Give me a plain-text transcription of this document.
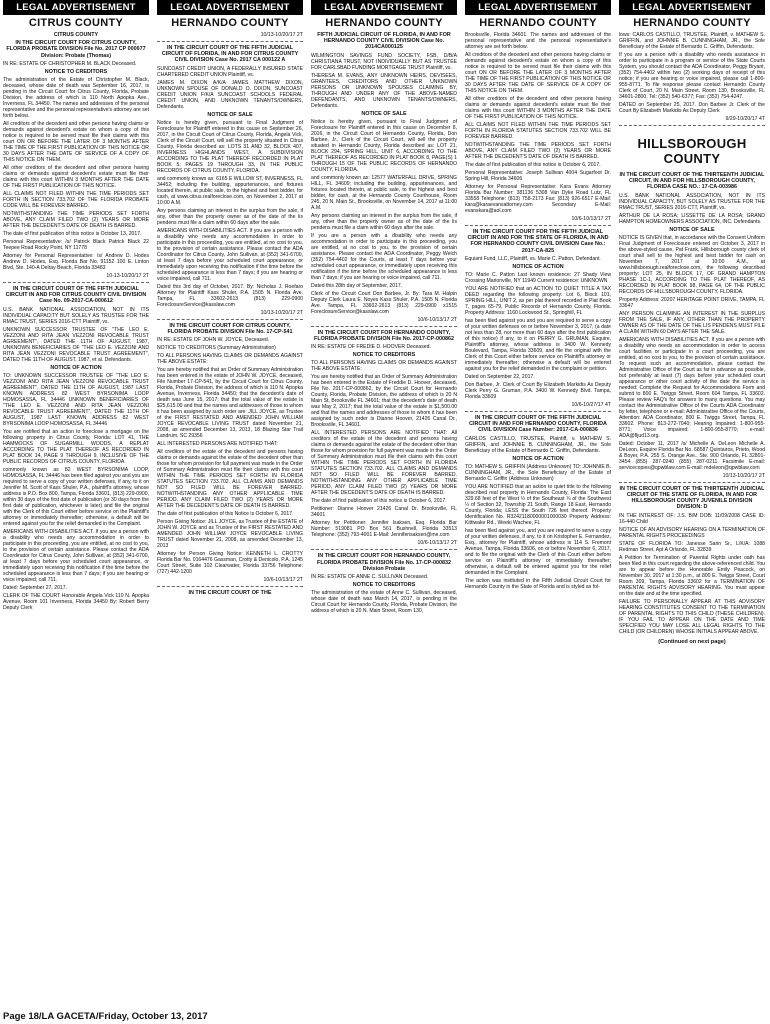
LEGAL ADVERTISEMENT
CITRUS COUNTY
CITRUS COUNTY
IN THE CIRCUIT COURT FOR CITRUS COUNTY, FLORIDA PROBATE DIVISION File No. 2017 CP 000677 Division: Probate (Thomas)
IN RE: ESTATE OF CHRISTOPHER M. BLACK Deceased.
NOTICE TO CREDITORS
The administration of the Estate of Christopher M. Black, deceased, whose date of death was September 16, 2017, is pending in the Circuit Court for Citrus County, Florida, Probate Division, the address of which is 110 North Apopka Ave., Inverness, FL 34450. The names and addresses of the personal representative and the personal representative's attorney are set forth below.
All creditors of the decedent and other persons having claims or demands against decedent's estate on whom a copy of this notice is required to be served must file their claims with this court ON OR BEFORE THE LATER OF 3 MONTHS AFTER THE TIME OF THE FIRST PUBLICATION OF THIS NOTICE OR 30 DAYS AFTER THE DATE OF SERVICE OF A COPY OF THIS NOTICE ON THEM.
All other creditors of the decedent and other persons having claims or demands against decedent's estate must file their claims with this court WITHIN 3 MONTHS AFTER THE DATE OF THE FIRST PUBLICATION OF THIS NOTICE.
ALL CLAIMS NOT FILED WITHIN THE TIME PERIODS SET FORTH IN SECTION 733.702 OF THE FLORIDA PROBATE CODE WILL BE FOREVER BARRED.
NOTWITHSTANDING THE TIME PERIODS SET FORTH ABOVE, ANY CLAIM FILED TWO (2) YEARS OR MORE AFTER THE DECEDENT'S DATE OF DEATH IS BARRED.
The date of first publication of this notice is October 13, 2017.
Personal Representative: /s/ Patrick Black Patrick Black 22 Teepee Road Rocky Point, NY 11778
Attorney for Personal Representative: /s/ Andrew D. Hodes Andrew D. Hodes, Esq. Florida Bar No. 91152 100 E. Linton Blvd, Ste. 140-A Delray Beach, Florida 33483
10-13-10/20/17 2T
IN THE CIRCUIT COURT OF THE FIFTH JUDICIAL CIRCUIT IN AND FOR CITRUS COUNTY CIVIL DIVISION Case No. 09-2017-CA-000612
U.S. BANK NATIONAL ASSOCIATION, NOT IN ITS INDIVIDUAL CAPACITY BUT SOLELY AS TRUSTEE FOR THE RMAC TRUST, SERIES 2016-CTT Plaintiff, vs.
UNKNOWN SUCCESSOR TRUSTEE OF "THE LEO E. VEZZONI AND RITA JEAN VEZZONI REVOCABLE TRUST AGREEMENT", DATED THE 11TH OF AUGUST, 1987, UNKNOWN BENEFICIARIES OF "THE LEO E. VEZZONI AND RITA JEAN VEZZONI REVOCABLE TRUST AGREEMENT", DATED THE 11TH OF AUGUST, 1987, et al. Defendants.
NOTICE OF ACTION
TO: UNKNOWN SUCCESSOR TRUSTEE OF "THE LEO E. VEZZONI AND RITA JEAN VEZZONI REVOCABLE TRUST AGREEMENT", DATED THE 11TH OF AUGUST, 1987 LAST KNOWN ADDRESS 82 WEST BYRSONIMA LOOP HOMOSASSA, FL 34446 UNKNOWN BENEFICIARIES OF "THE LEO E. VEZZONI AND RITA JEAN VEZZONI REVOCABLE TRUST AGREEMENT", DATED THE 11TH OF AUGUST, 1987 LAST KNOWN ADDRESS 82 WEST BYRSONIMA LOOP HOMOSASSA, FL 34446
You are notified that an action to foreclose a mortgage on the following property in Citrus County, Florida: LOT 41, THE HAMMOCKS OF SUGARMILL WOODS, A REPLAT ACCORDING TO THE PLAT THEREOF AS RECORDED IN PLAT BOOK 14, PAGE 9 THROUGH 9, INCLUSIVE OF THE PUBLIC RECORDS OF CITRUS COUNTY, FLORIDA.
commonly known as 82 WEST BYRSONIMA LOOP, HOMOSASSA, FL 34446 has been filed against you and you are required to serve a copy of your written defenses, if any, to it on Jennifer M. Scott of Kass Shuler, P.A., plaintiff's attorney, whose address is P.O. Box 800, Tampa, Florida 33601, (813) 229-0900, within 30 days of the first date of publication (or 30 days from the first date of publication, whichever is later) and file the original with the Clerk of this Court either before service on the Plaintiff's attorney or immediately thereafter; otherwise, a default will be entered against you for the relief demanded in the Complaint.
AMERICANS WITH DISABILITIES ACT. If you are a person with a disability who needs any accommodation in order to participate in this proceeding, you are entitled, at no cost to you, to the provision of certain assistance. Please contact the ADA Coordinator for Citrus County, John Sullivan, at (352) 341-6700, at least 7 days before your scheduled court appearance, or immediately upon receiving this notification if the time before the scheduled appearance is less than 7 days; if you are hearing or voice impaired, call 711.
Dated: September 27, 2017.
CLERK OF THE COURT Honorable Angela Vick 110 N. Apopka Avenue, Room 101 Inverness, Florida 34450 By: Robert Berry Deputy Clerk
LEGAL ADVERTISEMENT
HERNANDO COUNTY
10/13-10/20/17 2T
IN THE CIRCUIT COURT OF THE FIFTH JUDICIAL CIRCUIT OF FLORIDA, IN AND FOR CITRUS COUNTY CIVIL DIVISION Case No. 2017 CA 000122 A
SUNCOAST CREDIT UNION, A FEDERALLY INSURED STATE CHARTERED CREDIT UNION Plaintiff, vs.
JAMES M. DIXON A/K/A JAMES MATTHEW DIXON, UNKNOWN SPOUSE OF DONALD O. DIXON, SUNCOAST CREDIT UNION F/K/A SUNCOAST SCHOOLS FEDERAL CREDIT UNION, AND UNKNOWN TENANTS/OWNERS, Defendants.
NOTICE OF SALE
Notice is hereby given, pursuant to Final Judgment of Foreclosure for Plaintiff entered in this cause on September 26, 2017, in the Circuit Court of Citrus County, Florida, Angela Vick, Clerk of the Circuit Court, will sell the property situated in Citrus County, Florida described as: LOTS 31 AND 32, BLOCK 407, INVERNESS HIGHLANDS WEST, A SUBDIVISION ACCORDING TO THE PLAT THEREOF RECORDED IN PLAT BOOK 5, PAGES 19 THROUGH 33, IN THE PUBLIC RECORDS OF CITRUS COUNTY, FLORIDA.
and commonly known as: 6165 E WILLOW ST, INVERNESS, FL 34452; including the building, appurtenances, and fixtures located therein, at public sale, to the highest and best bidder, for cash, at www.citrus.realforeclose.com, on November 2, 2017 at 10:00 A.M.
Any persons claiming an interest in the surplus from the sale, if any, other than the property owner as of the date of the lis pendens must file a claim within 60 days after the sale.
AMERICANS WITH DISABILITIES ACT. If you are a person with a disability who needs any accommodation in order to participate in this proceeding, you are entitled, at no cost to you, to the provision of certain assistance. Please contact the ADA Coordinator for Citrus County, John Sullivan, at (352) 341-6700, at least 7 days before your scheduled court appearance, or immediately upon receiving this notification if the time before the scheduled appearance is less than 7 days; if you are hearing or voice impaired, call 711.
Dated this 3rd day of October, 2017. By: Nicholas J. Roefaro Attorney for Plaintiff Kass Shuler, P.A. 1505 N. Florida Ave. Tampa, FL 33602-2613 (813) 229-0900 ForeclosureService@kasslaw.com
10/13-10/20/17 2T
IN THE CIRCUIT COURT FOR CITRUS COUNTY, FLORIDA PROBATE DIVISION File No. 17-CP-541
IN RE: ESTATE OF JOHN W. JOYCE, Deceased.
NOTICE TO CREDITORS (Summary Administration)
TO ALL PERSONS HAVING CLAIMS OR DEMANDS AGAINST THE ABOVE ESTATE:
You are hereby notified that an Order of Summary Administration has been entered in the estate of JOHN W. JOYCE, deceased, File Number 17-CP-541, by the Circuit Court for Citrus County, Florida, Probate Division, the address of which is 110 N. Apopka Avenue, Inverness, Florida 34450; that the decedent's date of death was June 15, 2017; that the total value of the estate is $25,615.00 and that the names and addresses of those to whom it has been assigned by such order are: JILL JOYCE, as Trustee of the FIRST RESTATED AND AMENDED JOHN WILLIAM JOYCE REVOCABLE LIVING TRUST dated November 21, 2008, as amended December 13, 2013, 18 Blazing Star Trail Landrum, SC 29356
ALL INTERESTED PERSONS ARE NOTIFIED THAT:
All creditors of the estate of the decedent and persons having claims or demands against the estate of the decedent other than those for whom provision for full payment was made in the Order of Summary Administration must file their claims with this court WITHIN THE TIME PERIODS SET FORTH IN FLORIDA STATUTES SECTION 733.702. ALL CLAIMS AND DEMANDS NOT SO FILED WILL BE FOREVER BARRED. NOTWITHSTANDING ANY OTHER APPLICABLE TIME PERIOD, ANY CLAIM FILED TWO (2) YEARS OR MORE AFTER THE DECEDENT'S DATE OF DEATH IS BARRED.
The date of first publication of this Notice is October 6, 2017.
Person Giving Notice: JILL JOYCE, as Trustee of the ESTATE of JOHN W. JOYCE and as Trustee of the FIRST RESTATED AND AMENDED JOHN WILLIAM JOYCE REVOCABLE LIVING TRUST dated November 21, 2008, as amended December 13, 2013
Attorney for Person Giving Notice: KENNETH L. CROTTY Florida Bar No. 0164476 Gassman, Crotty & Denicolo, P.A. 1245 Court Street, Suite 102 Clearwater, Florida 33756 Telephone: (727) 442-1200
10/6-10/13/17 2T
IN THE CIRCUIT COURT OF THE
LEGAL ADVERTISEMENT
HERNANDO COUNTY
FIFTH JUDICIAL CIRCUIT OF FLORIDA, IN AND FOR HERNANDO COUNTY CIVIL DIVISION Case No. 2014CA000125
WILMINGTON SAVINGS FUND SOCIETY, FSB, D/B/A CHRISTIANA TRUST, NOT INDIVIDUALLY BUT AS TRUSTEE FOR CARLSBAD FUNDING MORTGAGE TRUST Plaintiff, vs.
THERESA M. EVANS, ANY UNKNOWN HEIRS, DEVISEES, GRANTEES, CREDITORS AND OTHER UNKNOWN PERSONS OR UNKNOWN SPOUSES CLAIMING BY, THROUGH AND UNDER ANY OF THE ABOVE-NAMED DEFENDANTS, AND UNKNOWN TENANTS/OWNERS, Defendants.
NOTICE OF SALE
Notice is hereby given, pursuant to Final Judgment of Foreclosure for Plaintiff entered in this cause on December 8, 2016, in the Circuit Court of Hernando County, Florida, Don Barbee, Jr., Clerk of the Circuit Court, will sell the property situated in Hernando County, Florida described as: LOT 21, BLOCK 294, SPRING HILL, UNIT 6, ACCORDING TO THE PLAT THEREOF AS RECORDED IN PLAT BOOK 8, PAGE(S) 1 THROUGH 15 OF THE PUBLIC RECORDS OF HERNANDO COUNTY, FLORIDA.
and commonly known as: 12577 WATERFALL DRIVE, SPRING HILL, FL 34609; including the building, appurtenances, and fixtures located therein, at public sale, to the highest and best bidder, for cash, at the Hernando County Courthouse, Room 245, 20 N. Main St., Brooksville, on November 14, 2017 at 11:00 A.M.
Any persons claiming an interest in the surplus from the sale, if any, other than the property owner as of the date of the lis pendens must file a claim within 60 days after the sale.
If you are a person with a disability who needs any accommodation in order to participate in this proceeding, you are entitled, at no cost to you, to the provision of certain assistance. Please contact the ADA Coordinator, Peggy Welch (352) 754-4402 for the Courts, at least 7 days before your scheduled court appearance, or immediately upon receiving this notification if the time before the scheduled appearance is less than 7 days; if you are hearing or voice impaired, call 711.
Dated this 28th day of September, 2017.
Clerk of the Circuit Court Don Barbee, Jr. By: Tara M. Halpin Deputy Clerk Laura E. Noyes Kass Shuler, P.A. 1505 N. Florida Ave. Tampa, FL 33602-2613 (813) 229-0900 x1515 ForeclosureService@kasslaw.com
10/6-10/13/17 2T
IN THE CIRCUIT COURT FOR HERNANDO COUNTY, FLORIDA PROBATE DIVISION File No. 2017-CP-000862
IN RE: ESTATE OF FREDIE D. HOOVER Deceased.
NOTICE TO CREDITORS
TO ALL PERSONS HAVING CLAIMS OR DEMANDS AGAINST THE ABOVE ESTATE:
You are hereby notified that an Order of Summary Administration has been entered in the Estate of Freddie D. Hoover, deceased, File No. 2017-CP-000862, by the Circuit Court for Hernando County, Florida, Probate Division, the address of which is 20 N Main St, Brooksville FL 34601; that the decedent's date of death was May 2, 2017; that the total value of the estate is $1,500.00 and that the names and addresses of those to whom it has been assigned by such order is Dianne Hoover, 21426 Canal Dr., Brooksville, FL 34601.
ALL INTERESTED PERSONS ARE NOTIFIED THAT: All creditors of the estate of the decedent and persons having claims or demands against the estate of the decedent other than those for whom provision for full payment was made in the Order of Summary Administration must file their claims with this court WITHIN THE TIME PERIODS SET FORTH IN FLORIDA STATUTES SECTION 733.702. ALL CLAIMS AND DEMANDS NOT SO FILED WILL BE FOREVER BARRED. NOTWITHSTANDING ANY OTHER APPLICABLE TIME PERIOD, ANY CLAIM FILED TWO (2) YEARS OR MORE AFTER THE DECEDENT'S DATE OF DEATH IS BARRED.
The date of first publication of this notice is October 6, 2017.
Petitioner: Dianne Hoover 21426 Canal Dr. Brooksville, FL 34601
Attorney for Petitioner: Jennifer Isaksen, Esq. Florida Bar Number: 519081 PO Box 561 Bushnell, Florida 33513 Telephone: (352) 793-4001 E-Mail: Jenniferisaksen@me.com
10/6-10/13/17 2T
IN THE CIRCUIT COURT FOR HERNANDO COUNTY, FLORIDA PROBATE DIVISION File No. 17-CP-000832 Division Probate
IN RE: ESTATE OF ANNE C. SULLIVAN Deceased.
NOTICE TO CREDITORS
The administration of the estate of Anne C. Sullivan, deceased, whose date of death was March 14, 2017, is pending in the Circuit Court for Hernando County, Florida, Probate Division, the address of which is 20 N. Main Street, Room 130,
LEGAL ADVERTISEMENT
HERNANDO COUNTY
Brooksville, Florida 34601. The names and addresses of the personal representative and the personal representative's attorney are set forth below.
All creditors of the decedent and other persons having claims or demands against decedent's estate on whom a copy of this notice is required to be served must file their claims with this court ON OR BEFORE THE LATER OF 3 MONTHS AFTER THE TIME OF THE FIRST PUBLICATION OF THIS NOTICE OR 30 DAYS AFTER THE DATE OF SERVICE OF A COPY OF THIS NOTICE ON THEM.
All other creditors of the decedent and other persons having claims or demands against decedent's estate must file their claims with this court WITHIN 3 MONTHS AFTER THE DATE OF THE FIRST PUBLICATION OF THIS NOTICE.
ALL CLAIMS NOT FILED WITHIN THE TIME PERIODS SET FORTH IN FLORIDA STATUTES SECTION 733.702 WILL BE FOREVER BARRED.
NOTWITHSTANDING THE TIME PERIODS SET FORTH ABOVE, ANY CLAIM FILED TWO (2) YEARS OR MORE AFTER THE DECEDENT'S DATE OF DEATH IS BARRED.
The date of first publication of this notice is October 6, 2017.
Personal Representative: Joseph Sullivan 4004 Sugarfoot Dr. Spring Hill, Florida 34606
Attorney for Personal Representative: Kara Evans Attorney Florida Bar Number: 381136 5308 Van Dyke Road Lutz, FL 33558 Telephone: (813) 758-2173 Fax: (813) 926-6517 E-Mail: kara@karaevansattorney.com Secondary E-Mail: evanskara@aol.com
10/6-10/13/17 2T
IN THE CIRCUIT COURT FOR THE FIFTH JUDICIAL CIRCUIT IN AND FOR THE STATE OF FLORIDA, IN AND FOR HERNANDO COUNTY CIVIL DIVISION Case No.: 2017-CA-825
Equiant Fund, LLC, Plaintiff, vs. Marie C. Patton, Defendant.
NOTICE OF ACTION
TO: Marie C. Patton Last known residence: 27 Shady View Crossing Marionville, NY 11949 Current residence: UNKNOWN
YOU ARE NOTIFIED that an ACTION TO QUIET TITLE A TAX DEED regarding the following property: Lot 6, Block 101, SPRING HILL, UNIT 2, as per plat thereof recorded in Plat Book 7, pages 65-79, Public Records of Hernando County, Florida. Property Address: 1160 Lockwood St., Springhill, FL
has been filed against you and you are required to serve a copy of your written defenses on or before November 3, 2017, (a date not less than 28, nor more than 60 days after the first publication of this notice) if any, to it on PERRY G. GRUMAN, Esquire, Plaintiff's attorney, whose address is 3400 W. Kennedy Boulevard, Tampa, Florida 33609, and file the original with the Clerk of this Court either before service on Plaintiff's attorney or immediately thereafter; otherwise a default will be entered against you for the relief demanded in the complaint or petition.
Dated on September 22, 2017.
Don Barbee, Jr. Clerk of Court By Elizabeth Markidis As Deputy Clerk Perry G. Gruman, P.A. 3400 W. Kennedy Blvd. Tampa, Florida 33609
10/6-10/27/17 4T
IN THE CIRCUIT COURT OF THE FIFTH JUDICIAL CIRCUIT IN AND FOR HERNANDO COUNTY, FLORIDA CIVIL DIVISION Case Number: 2017-CA-000836
CARLOS CASTILLO, TRUSTEE, Plaintiff, v. MATHEW S. GRIFFIN, and JOHNNIE B. CUNNINGHAM, JR., the Sole Beneficiary of the Estate of Bernardo C. Griffin, Defendants.
NOTICE OF ACTION
TO: MATHEW S. GRIFFIN (Address Unknown) TO: JOHNNIE B. CUNNINGHAM, JR., the Sole Beneficiary of the Estate of Bernardo C. Griffin (Address Unknown)
YOU ARE NOTIFIED that an action to quiet title to the following described real property in Hernando County, Florida: The East 329.68 feet of the West ½ of the Southeast ¼ of the Southwest ¼ of Section 32, Township 21 South, Range 18 East, Hernando County, Florida; LESS the South 726 feet thereof. Property Identification No. R32421180000001000030 Property Address: Kittiwake Rd., Weeki Wachee, FL
has been filed against you, and you are required to serve a copy of your written defenses, if any, to it on Kristopher E. Fernandez, Esq., attorney for Plaintiff, whose address is 114 S. Fremont Avenue, Tampa, Florida 33606, on or before November 6, 2017, and to file the original with the Clerk of this Court either before service on Plaintiff's attorney or immediately thereafter; otherwise, a default will be entered against you for the relief demanded in the Complaint.
The action was instituted in the Fifth Judicial Circuit Court for Hernando County in the State of Florida and is styled as fol-
LEGAL ADVERTISEMENT
HERNANDO COUNTY
lows: CARLOS CASTILLO, TRUSTEE, Plaintiff, v. MATHEW S. GRIFFIN, and JOHNNIE B. CUNNINGHAM, JR., the Sole Beneficiary of the Estate of Bernardo C. Griffin, Defendants.
If you are a person with a disability who needs assistance in order to participate in a program or service of the State Courts System, you should contact the ADA Coordinator, Peggy Bryant, (352) 754-4402 within two (2) working days of receipt of this notice; if you are hearing or voice impaired, please call 1-800-955-8771. To file response please contact Hernando County Clerk of Court, 20 N. Main Street, Room 130, Brooksville, FL 34601-2800, Tel: (352) 540-6377; Fax: (352) 754-4247.
DATED on September 25, 2017. Don Barbee Jr. Clerk of the Court By Elizabeth Markidis As Deputy Clerk
9/29-10/20/17 4T
HILLSBOROUGH COUNTY
IN THE CIRCUIT COURT OF THE THIRTEENTH JUDICIAL CIRCUIT, IN AND FOR HILLSBOROUGH COUNTY, FLORIDA CASE NO.: 17-CA-003986
U.S. BANK NATIONAL ASSOCIATION, NOT IN ITS INDIVIDUAL CAPACITY, BUT SOLELY AS TRUSTEE FOR THE RMAC TRUST, SERIES 2016-CTT, Plaintiff, vs.
ARTHUR DE LA ROSA; LISSETTE DE LA ROSA; GRAND HAMPTON HOMEOWNERS ASSOCIATION, INC. Defendants.
NOTICE OF SALE
NOTICE IS GIVEN that, in accordance with the Consent Uniform Final Judgment of Foreclosure entered on October 3, 2017 in the above-styled cause, Pat Frank, Hillsborough county clerk of court shall sell to the highest and best bidder for cash on November 7, 2017 at 10:00 A.M., at www.hillsborough.realforeclose.com, the following described property: LOT 25, IN BLOCK 17, OF GRAND HAMPTON PHASE 1C-1, ACCORDING TO THE PLAT THEREOF, AS RECORDED IN PLAT BOOK 98, PAGE 64, OF THE PUBLIC RECORDS OF HILLSBOROUGH COUNTY, FLORIDA.
Property Address: 20207 HERITAGE POINT DRIVE, TAMPA, FL 33647
ANY PERSON CLAIMING AN INTEREST IN THE SURPLUS FROM THE SALE, IF ANY, OTHER THAN THE PROPERTY OWNER AS OF THE DATE OF THE LIS PENDENS MUST FILE A CLAIM WITHIN 60 DAYS AFTER THE SALE.
AMERICANS WITH DISABILITIES ACT. If you are a person with a disability who needs an accommodation in order to access court facilities or participate in a court proceeding, you are entitled, at no cost to you, to the provision of certain assistance. To request such an accommodation, please contact the Administrative Office of the Court as far in advance as possible, but preferably at least (7) days before your scheduled court appearance or other court activity of the date the service is needed: Complete the Request for Accommodations Form and submit to 800 E. Twiggs Street, Room 604 Tampa, FL 33602. Please review FAQ's for answers to many questions. You may contact the Administrative Office of the Courts ADA Coordinator by letter, telephone or e-mail: Administrative Office of the Courts, Attention: ADA Coordinator, 800 E. Twiggs Street, Tampa, FL 33602. Phone: 813-272-7040; Hearing Impaired: 1-800-955-8771; Voice impaired: 1-800-955-8770; e-mail: ADA@fljud13.org.
Dated: October 11, 2017 /s/ Michelle A. DeLeon Michelle A. DeLeon, Esquire Florida Bar No. 68587 Quintairos, Prieto, Wood & Boyer, P.A. 255 S. Orange Ave., Ste. 900 Orlando, FL 32801-3454 (855) 287-0240 (855) 287-0211 Facsimile E-mail: servicecopies@qpwblaw.com E-mail: mdeleon@qpwblaw.com
10/13-10/20/17 2T
IN THE CIRCUIT COURT OF THE THIRTEENTH JUDICIAL CIRCUIT OF THE STATE OF FLORIDA, IN AND FOR HILLSBOROUGH COUNTY JUVENILE DIVISION DIVISION: D
IN THE INTEREST OF: J.S. B/M DOB: 11/09/2008 CASE ID: 16-440 Child
NOTICE OF AN ADVISORY HEARING ON A TERMINATION OF PARENTAL RIGHTS PROCEEDINGS
STATE OF FLORIDA TO: Janesse Sarin Sr., L/K/A: 1088 Redman Street, Apt A Orlando, FL 32839
A Petition for Termination of Parental Rights under oath has been filed in this court regarding the above-referenced child. You are to appear before the Honorable Emily Peacock, on November 30, 2017 at 1:30 p.m., at 800 E. Twiggs Street, Court Room 309, Tampa, Florida 33602 for a TERMINATION OF PARENTAL RIGHTS ADVISORY HEARING. You must appear on the date and at the time specified.
FAILURE TO PERSONALLY APPEAR AT THIS ADVISORY HEARING CONSTITUTES CONSENT TO THE TERMINATION OF PARENTAL RIGHTS TO THIS CHILD (THESE CHILDREN). IF YOU FAIL TO APPEAR ON THE DATE AND TIME SPECIFIED YOU MAY LOSE ALL LEGAL RIGHTS TO THE CHILD (OR CHILDREN) WHOSE INITIALS APPEAR ABOVE.
(Continued on next page)
Page 18/LA GACETA/Friday, October 13, 2017
